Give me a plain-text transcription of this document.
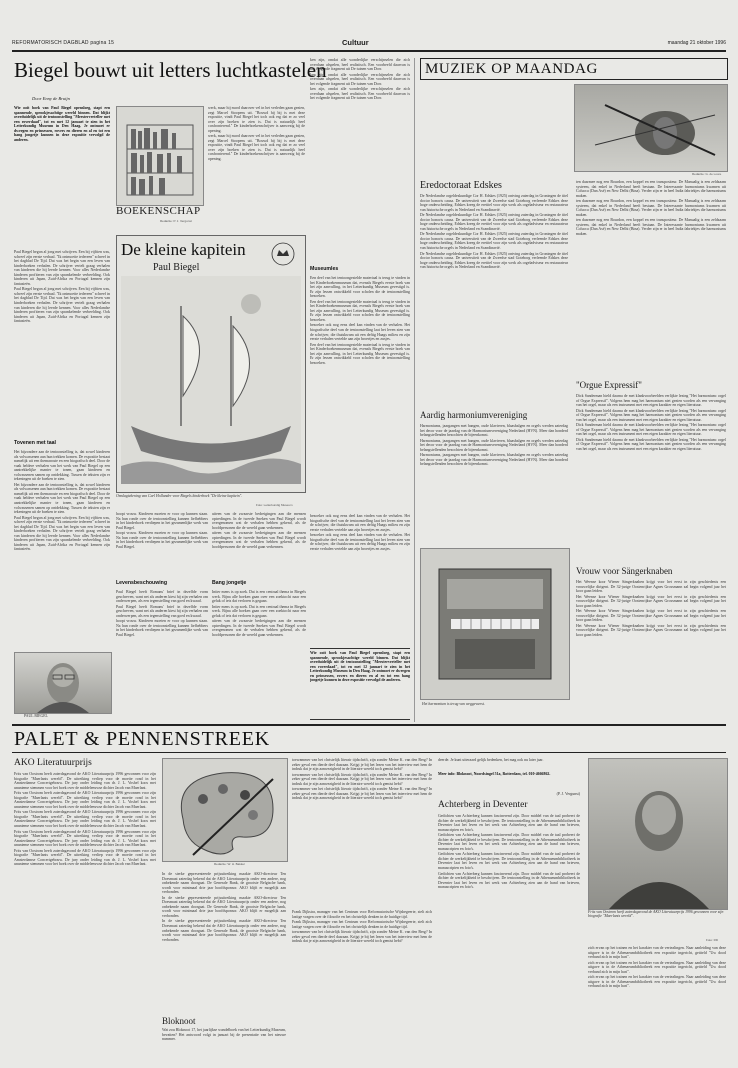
REFORMATORISCH DAGBLAD pagina 15	Cultuur	maandag 21 oktober 1996
Biegel bouwt uit letters luchtkastelen
Door Enny de Bruijn

Wie ooit boek van Paul Biegel opensloeg, stapt een spannende, sprookjesachtige wereld binnen. Dat blijkt overduidelijk uit de tentoonstelling "Meesterverteller met een roverdaad", tot en met 12 januari te zien in het Letterkundig Museum in Den Haag. Je ontmoet er dwergen en prinsessen, rovers en dieren en al en tot een hang jongetje kunnen in deze expositie vervolgd de anderen.

Paul Biegel begon al jong met schrijven. Een bij vijftien was, schreef zijn eerste verhaal. "Ik ontmoette iedereen" schreef in het dagblad De Tijd. Dat was het begin van een leven van kinderboeken verhalen. De schrijver vertelt graag verhalen van kinderen die hij leerde kennen. Voor alles Nederlandse kinderen profiteren van zijn sprankelende verbeelding. Ook kinderen uit Japan, Zuid-Afrika en Portugal kennen zijn fantasieën.

Paul Biegel begon al jong met schrijven. Een bij vijftien was, schreef zijn eerste verhaal. "Ik ontmoette iedereen" schreef in het dagblad De Tijd. Dat was het begin van een leven van kinderboeken verhalen. De schrijver vertelt graag verhalen van kinderen die hij leerde kennen. Voor alles Nederlandse kinderen profiteren van zijn sprankelende verbeelding. Ook kinderen uit Japan, Zuid-Afrika en Portugal kennen zijn fantasieën.

Tovenen met taal

Het bijzondere aan de tentoonstelling is, dat zowel kinderen als volwassenen aan hun trekken komen. De expositie bestaat namelijk uit een themaroute en een biografisch deel. Door de vaak heldere verhalen van het werk van Paul Biegel op een aantrekkelijke manier te tonen, gaan kinderen en volwassenen samen op ontdekking. Tussen de teksten zijn er tekeningen uit de boeken te zien.

Het bijzondere aan de tentoonstelling is, dat zowel kinderen als volwassenen aan hun trekken komen. De expositie bestaat namelijk uit een themaroute en een biografisch deel. Door de vaak heldere verhalen van het werk van Paul Biegel op een aantrekkelijke manier te tonen, gaan kinderen en volwassenen samen op ontdekking. Tussen de teksten zijn er tekeningen uit de boeken te zien.

Paul Biegel begon al jong met schrijven. Een bij vijftien was, schreef zijn eerste verhaal. "Ik ontmoette iedereen" schreef in het dagblad De Tijd. Dat was het begin van een leven van kinderboeken verhalen. De schrijver vertelt graag verhalen van kinderen die hij leerde kennen. Voor alles Nederlandse kinderen profiteren van zijn sprankelende verbeelding. Ook kinderen uit Japan, Zuid-Afrika en Portugal kennen zijn fantasieën.

PAUL BIEGEL
BOEKENSCHAP
Redactie: P. J. Vergunst

werk, maar hij mord daarover vel in het verleden gaan gezien, zegt Marcel Stoopens uit. "Bouwd hij bij is met deze expositie, vindt Paul Biegel het toch ook erg dat er zo veel over zijn boeken te zien is. Dat is natuurlijk heel confronterend." De kinderboekenschrijver is aanwezig bij de opening.

werk, maar hij mord daarover vel in het verleden gaan gezien, zegt Marcel Stoopens uit. "Bouwd hij bij is met deze expositie, vindt Paul Biegel het toch ook erg dat er zo veel over zijn boeken te zien is. Dat is natuurlijk heel confronterend." De kinderboekenschrijver is aanwezig bij de opening.

ken zijn, omdat alle wonderlijke verschijnselen die zich overdaan afspelen, heel realistisch. Een voorbeeld daarvan is het volgende fragment uit De tuinen van Dorr.

ken zijn, omdat alle wonderlijke verschijnselen die zich overdaan afspelen, heel realistisch. Een voorbeeld daarvan is het volgende fragment uit De tuinen van Dorr.

ken zijn, omdat alle wonderlijke verschijnselen die zich overdaan afspelen, heel realistisch. Een voorbeeld daarvan is het volgende fragment uit De tuinen van Dorr.

Museumles

Een deel van het tentoongestelde materiaal is terug te vinden in het Kinderboekenmuseum dat, evenals Biegels eerste boek van het zijn aanvulling, in het Letterkundig Museum gevestigd is. Er zijn lessen ontwikkeld voor scholen die de tentoonstelling bezoeken.

Een deel van het tentoongestelde materiaal is terug te vinden in het Kinderboekenmuseum dat, evenals Biegels eerste boek van het zijn aanvulling, in het Letterkundig Museum gevestigd is. Er zijn lessen ontwikkeld voor scholen die de tentoonstelling bezoeken.

bezoeker ook nog eens deel kan vinden van de verhalen. Het biografische deel van de tentoonstelling laat het leven zien van de schrijver, die thuiskwam uit een deftig Haags milieu en zijn eerste verhalen vertelde aan zijn broertjes en zusjes.

Een deel van het tentoongestelde materiaal is terug te vinden in het Kinderboekenmuseum dat, evenals Biegels eerste boek van het zijn aanvulling, in het Letterkundig Museum gevestigd is. Er zijn lessen ontwikkeld voor scholen die de tentoonstelling bezoeken.

De kleine kapitein
Paul Biegel
Omslagtekening van Carl Hollander voor Biegels kinderboek "De kleine kapitein".
Foto: Letterkundig Museum

hoopt vrouw. Kinderen moeten er voor op kunnen staan. Na hun ronde over de tentoonstelling kunnen liefhebbers in het kinderboek verdiepen in het gezamenlijke werk van Paul Biegel.

hoopt vrouw. Kinderen moeten er voor op kunnen staan. Na hun ronde over de tentoonstelling kunnen liefhebbers in het kinderboek verdiepen in het gezamenlijke werk van Paul Biegel.

Levensbeschouwing

Paul Biegel heeft Romans' brief in dezelfde vorm geschreven, want net als anderen kiest hij zijn verhalen om onderwerpen, als een tegenstelling van goed en kwaad.

Paul Biegel heeft Romans' brief in dezelfde vorm geschreven, want net als anderen kiest hij zijn verhalen om onderwerpen, als een tegenstelling van goed en kwaad.

hoopt vrouw. Kinderen moeten er voor op kunnen staan. Na hun ronde over de tentoonstelling kunnen liefhebbers in het kinderboek verdiepen in het gezamenlijke werk van Paul Biegel.

uiteen van de zwaarste bedreigingen aan die mensen optredingen. In de tweede Sneken van Paul Biegel wordt overgenomen wat de verhalen hebben gekend, als de hoofdpersonen die de wereld gaan verkennen.

uiteen van de zwaarste bedreigingen aan die mensen optredingen. In de tweede Sneken van Paul Biegel wordt overgenomen wat de verhalen hebben gekend, als de hoofdpersonen die de wereld gaan verkennen.

Bang jongetje

Intier mens is op zoek. Dat is een centraal thema in Biegels werk. Bijna alle boeken gaan over een zoektocht naar een geluk of iets dat verloren is gegaan.

Intier mens is op zoek. Dat is een centraal thema in Biegels werk. Bijna alle boeken gaan over een zoektocht naar een geluk of iets dat verloren is gegaan.

uiteen van de zwaarste bedreigingen aan die mensen optredingen. In de tweede Sneken van Paul Biegel wordt overgenomen wat de verhalen hebben gekend, als de hoofdpersonen die de wereld gaan verkennen.

bezoeker ook nog eens deel kan vinden van de verhalen. Het biografische deel van de tentoonstelling laat het leven zien van de schrijver, die thuiskwam uit een deftig Haags milieu en zijn eerste verhalen vertelde aan zijn broertjes en zusjes.

bezoeker ook nog eens deel kan vinden van de verhalen. Het biografische deel van de tentoonstelling laat het leven zien van de schrijver, die thuiskwam uit een deftig Haags milieu en zijn eerste verhalen vertelde aan zijn broertjes en zusjes.

Wie ooit boek van Paul Biegel opensloeg, stapt een spannende, sprookjesachtige wereld binnen. Dat blijkt overduidelijk uit de tentoonstelling "Meesterverteller met een roverdaad", tot en met 12 januari te zien in het Letterkundig Museum in Den Haag. Je ontmoet er dwergen en prinsessen, rovers en dieren en al en tot een hang jongetje kunnen in deze expositie vervolgd de anderen.
MUZIEK OP MAANDAG
Redactie: G. de Loore
Eredoctoraat Edskes

De Nederlandse orgeldeskundige Cor H. Edskes (1925) ontving zaterdag in Groningen de titel doctor honoris causa. De universiteit van de Zweedse stad Goteborg verleende Edskes deze hoge onderscheiding. Edskes kreeg de eretitel voor zijn werk als orgeladviseur en restaurateur van historische orgels in Nederland en Scandinavië.

De Nederlandse orgeldeskundige Cor H. Edskes (1925) ontving zaterdag in Groningen de titel doctor honoris causa. De universiteit van de Zweedse stad Goteborg verleende Edskes deze hoge onderscheiding. Edskes kreeg de eretitel voor zijn werk als orgeladviseur en restaurateur van historische orgels in Nederland en Scandinavië.

De Nederlandse orgeldeskundige Cor H. Edskes (1925) ontving zaterdag in Groningen de titel doctor honoris causa. De universiteit van de Zweedse stad Goteborg verleende Edskes deze hoge onderscheiding. Edskes kreeg de eretitel voor zijn werk als orgeladviseur en restaurateur van historische orgels in Nederland en Scandinavië.

De Nederlandse orgeldeskundige Cor H. Edskes (1925) ontving zaterdag in Groningen de titel doctor honoris causa. De universiteit van de Zweedse stad Goteborg verleende Edskes deze hoge onderscheiding. Edskes kreeg de eretitel voor zijn werk als orgeladviseur en restaurateur van historische orgels in Nederland en Scandinavië.

Aardig harmoniumvereniging

Harmoniums, jaargangen met hangen, oude klavieren, blaasbalgen en orgels werden zaterdag het decor voor de jaardag van de Harmoniumvereniging Nederland (HVN). Meer dan honderd belangstellenden bezochten de bijeenkomst.

Harmoniums, jaargangen met hangen, oude klavieren, blaasbalgen en orgels werden zaterdag het decor voor de jaardag van de Harmoniumvereniging Nederland (HVN). Meer dan honderd belangstellenden bezochten de bijeenkomst.

Harmoniums, jaargangen met hangen, oude klavieren, blaasbalgen en orgels werden zaterdag het decor voor de jaardag van de Harmoniumvereniging Nederland (HVN). Meer dan honderd belangstellenden bezochten de bijeenkomst.

Het harmonium is terug van weggeweest.

ten daarmee nog een Bourdon, een koppel en een transpositeur. De Manualig is een zeldzaam systeem, dat enkel in Nederland heeft bestaan. De Interessante harmoniums kwamen uit Colucca (Dan Asé) en New Delhi (Bina). Verder zijn er in heel India fabriekjes die harmoniums maken.

ten daarmee nog een Bourdon, een koppel en een transpositeur. De Manualig is een zeldzaam systeem, dat enkel in Nederland heeft bestaan. De Interessante harmoniums kwamen uit Colucca (Dan Asé) en New Delhi (Bina). Verder zijn er in heel India fabriekjes die harmoniums maken.

ten daarmee nog een Bourdon, een koppel en een transpositeur. De Manualig is een zeldzaam systeem, dat enkel in Nederland heeft bestaan. De Interessante harmoniums kwamen uit Colucca (Dan Asé) en New Delhi (Bina). Verder zijn er in heel India fabriekjes die harmoniums maken.

"Orgue Expressif"

Dick Sanderman hield daarna de met klankvoorbeelden verlijkte lezing "Het harmonium: orgel of Orgue Expressif". Volgens hem mag het harmonium niet gezien worden als een vervanging van het orgel, maar als een instrument met een eigen karakter en eigen literatuur.

Dick Sanderman hield daarna de met klankvoorbeelden verlijkte lezing "Het harmonium: orgel of Orgue Expressif". Volgens hem mag het harmonium niet gezien worden als een vervanging van het orgel, maar als een instrument met een eigen karakter en eigen literatuur.

Dick Sanderman hield daarna de met klankvoorbeelden verlijkte lezing "Het harmonium: orgel of Orgue Expressif". Volgens hem mag het harmonium niet gezien worden als een vervanging van het orgel, maar als een instrument met een eigen karakter en eigen literatuur.

Dick Sanderman hield daarna de met klankvoorbeelden verlijkte lezing "Het harmonium: orgel of Orgue Expressif". Volgens hem mag het harmonium niet gezien worden als een vervanging van het orgel, maar als een instrument met een eigen karakter en eigen literatuur.

Vrouw voor Sängerknaben

Het Weense koor Wiener Sängerknaben krijgt voor het eerst in zijn geschiedenis een vrouwelijke dirigent. De 32-jarige Oostenrijkse Agnes Grossmann zal begin volgend jaar het koor gaan leiden.

Het Weense koor Wiener Sängerknaben krijgt voor het eerst in zijn geschiedenis een vrouwelijke dirigent. De 32-jarige Oostenrijkse Agnes Grossmann zal begin volgend jaar het koor gaan leiden.

Het Weense koor Wiener Sängerknaben krijgt voor het eerst in zijn geschiedenis een vrouwelijke dirigent. De 32-jarige Oostenrijkse Agnes Grossmann zal begin volgend jaar het koor gaan leiden.

Het Weense koor Wiener Sängerknaben krijgt voor het eerst in zijn geschiedenis een vrouwelijke dirigent. De 32-jarige Oostenrijkse Agnes Grossmann zal begin volgend jaar het koor gaan leiden.

PALET & PENNENSTREEK
AKO Literatuurprijs

Frits van Oostrom heeft zaterdagavond de AKO Literatuurprijs 1996 gewonnen voor zijn biografie "Maerlants wereld". De uitreiking verliep voor de moeite rond in het Amsterdamse Concertgebouw. De jury onder leiding van dr. J. L. Voshel koos met unanieme stemmen voor het boek over de middeleeuwse dichter Jacob van Maerlant.

Frits van Oostrom heeft zaterdagavond de AKO Literatuurprijs 1996 gewonnen voor zijn biografie "Maerlants wereld". De uitreiking verliep voor de moeite rond in het Amsterdamse Concertgebouw. De jury onder leiding van dr. J. L. Voshel koos met unanieme stemmen voor het boek over de middeleeuwse dichter Jacob van Maerlant.

Frits van Oostrom heeft zaterdagavond de AKO Literatuurprijs 1996 gewonnen voor zijn biografie "Maerlants wereld". De uitreiking verliep voor de moeite rond in het Amsterdamse Concertgebouw. De jury onder leiding van dr. J. L. Voshel koos met unanieme stemmen voor het boek over de middeleeuwse dichter Jacob van Maerlant.

Frits van Oostrom heeft zaterdagavond de AKO Literatuurprijs 1996 gewonnen voor zijn biografie "Maerlants wereld". De uitreiking verliep voor de moeite rond in het Amsterdamse Concertgebouw. De jury onder leiding van dr. J. L. Voshel koos met unanieme stemmen voor het boek over de middeleeuwse dichter Jacob van Maerlant.

Frits van Oostrom heeft zaterdagavond de AKO Literatuurprijs 1996 gewonnen voor zijn biografie "Maerlants wereld". De uitreiking verliep voor de moeite rond in het Amsterdamse Concertgebouw. De jury onder leiding van dr. J. L. Voshel koos met unanieme stemmen voor het boek over de middeleeuwse dichter Jacob van Maerlant.	Redactie: W. H. Bakker

In de sterke gepresenteerde prijsuitreiking maakte AKO-directeur Ten Doesmaat zaterdag bekend dat de AKO Literatuurprijs onder een andere, nog onbekende naam doorgaat. De Generale Bank, de grootste Belgische bank, wordt voor minimaal drie jaar hoofdsponsor. AKO blijft er mogelijk aan verbonden.

In de sterke gepresenteerde prijsuitreiking maakte AKO-directeur Ten Doesmaat zaterdag bekend dat de AKO Literatuurprijs onder een andere, nog onbekende naam doorgaat. De Generale Bank, de grootste Belgische bank, wordt voor minimaal drie jaar hoofdsponsor. AKO blijft er mogelijk aan verbonden.

In de sterke gepresenteerde prijsuitreiking maakte AKO-directeur Ten Doesmaat zaterdag bekend dat de AKO Literatuurprijs onder een andere, nog onbekende naam doorgaat. De Generale Bank, de grootste Belgische bank, wordt voor minimaal drie jaar hoofdsponsor. AKO blijft er mogelijk aan verbonden.

Bloknoot

Wat zou Bloknoot 17, het jaarlijkse wandelboek van het Letterkundig Museum, bevatten? Het antwoord volgt in januari bij de presentatie van het nieuwe nummer.

toewammer van het christelijk literair tijdschrift, zijn zonder Meine K. van den Berg? In zeker geval een dierde deel daaraan. Krijgt je bij het lezen van het interview met hem de indruk dat je zijn aanwezigheid in de literaire wereld toch gemist hebt?

toewammer van het christelijk literair tijdschrift, zijn zonder Meine K. van den Berg? In zeker geval een dierde deel daaraan. Krijgt je bij het lezen van het interview met hem de indruk dat je zijn aanwezigheid in de literaire wereld toch gemist hebt?

toewammer van het christelijk literair tijdschrift, zijn zonder Meine K. van den Berg? In zeker geval een dierde deel daaraan. Krijgt je bij het lezen van het interview met hem de indruk dat je zijn aanwezigheid in de literaire wereld toch gemist hebt?

Frank Dijkstra, manager van het Centrum voor Reformatorische Wijsbegeerte, stelt zich lastige vragen over de filosofie en het christelijk denken in de huidige tijd.

Frank Dijkstra, manager van het Centrum voor Reformatorische Wijsbegeerte, stelt zich lastige vragen over de filosofie en het christelijk denken in de huidige tijd.

toewammer van het christelijk literair tijdschrift, zijn zonder Meine K. van den Berg? In zeker geval een dierde deel daaraan. Krijgt je bij het lezen van het interview met hem de indruk dat je zijn aanwezigheid in de literaire wereld toch gemist hebt?

deerde. Je kunt uiteraard gelijk bedenken, het mag ook nu later jaar.

Meer info: Bloknoot, Noordsingel 51a, Rotterdam, tel. 010-4666862.

(P. J. Vergunst)
Achterberg in Deventer

Gedichten van Achterberg kunnen fascinerend zijn. Door middel van de taal probeert de dichter de werkelijkheid te beschrijven. De tentoonstelling in de Athenaeumbibliotheek in Deventer laat het leven en het werk van Achterberg zien aan de hand van brieven, manuscripten en foto's.

Gedichten van Achterberg kunnen fascinerend zijn. Door middel van de taal probeert de dichter de werkelijkheid te beschrijven. De tentoonstelling in de Athenaeumbibliotheek in Deventer laat het leven en het werk van Achterberg zien aan de hand van brieven, manuscripten en foto's.

Gedichten van Achterberg kunnen fascinerend zijn. Door middel van de taal probeert de dichter de werkelijkheid te beschrijven. De tentoonstelling in de Athenaeumbibliotheek in Deventer laat het leven en het werk van Achterberg zien aan de hand van brieven, manuscripten en foto's.

Gedichten van Achterberg kunnen fascinerend zijn. Door middel van de taal probeert de dichter de werkelijkheid te beschrijven. De tentoonstelling in de Athenaeumbibliotheek in Deventer laat het leven en het werk van Achterberg zien aan de hand van brieven, manuscripten en foto's.

Frits van Oostrom heeft zaterdagavond de AKO Literatuurprijs 1996 gewonnen voor zijn biografie "Maerlants wereld".
Foto: RD

zich ervan op het trainen en het karakter van de vertealingen. Naar aanleiding van deze uitgave is in de Athenaeumbibliotheek een expositie ingericht, getiteld "Uw dood verband zich in mijn hart".

zich ervan op het trainen en het karakter van de vertealingen. Naar aanleiding van deze uitgave is in de Athenaeumbibliotheek een expositie ingericht, getiteld "Uw dood verband zich in mijn hart".

zich ervan op het trainen en het karakter van de vertealingen. Naar aanleiding van deze uitgave is in de Athenaeumbibliotheek een expositie ingericht, getiteld "Uw dood verband zich in mijn hart".
